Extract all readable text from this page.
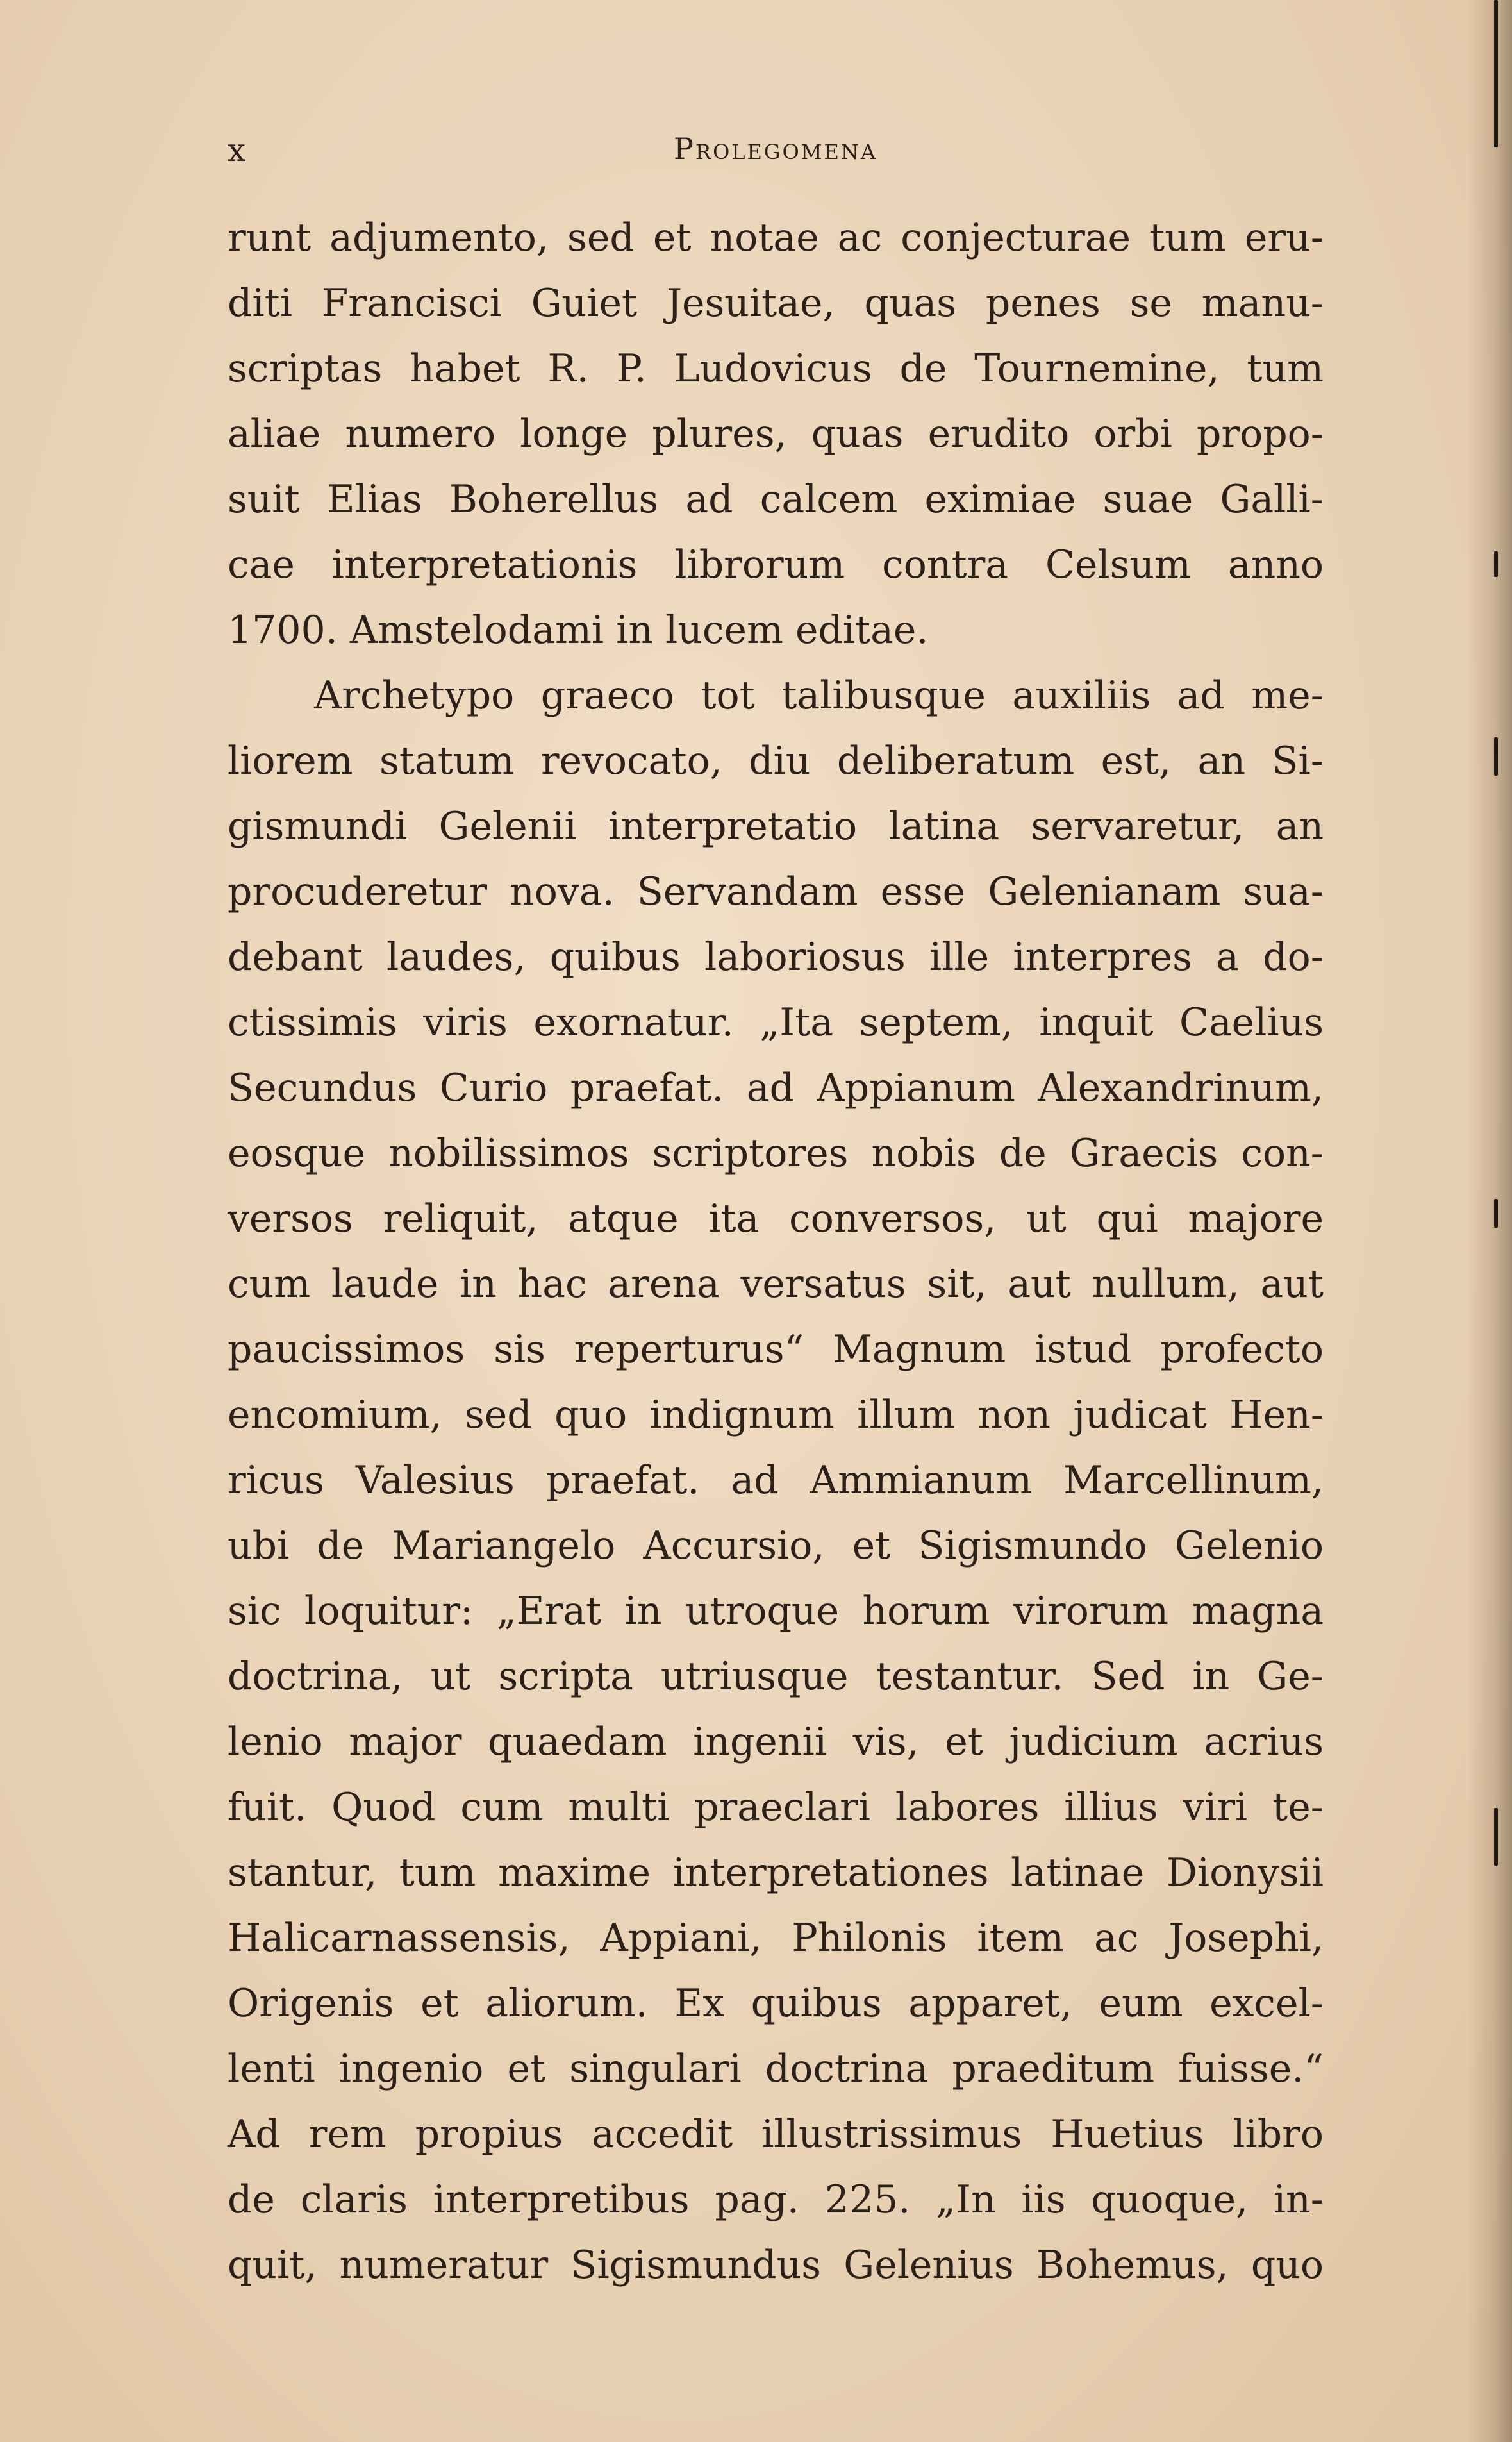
x	Prolegomena
runt adjumento, sed et notae ac conjecturae tum eru-
diti Francisci Guiet Jesuitae, quas penes se manu-
scriptas habet R. P. Ludovicus de Tournemine, tum
aliae numero longe plures, quas erudito orbi propo-
suit Elias Boherellus ad calcem eximiae suae Galli-
cae interpretationis librorum contra Celsum anno
1700. Amstelodami in lucem editae.
Archetypo graeco tot talibusque auxiliis ad me-
liorem statum revocato, diu deliberatum est, an Si-
gismundi Gelenii interpretatio latina servaretur, an
procuderetur nova. Servandam esse Gelenianam sua-
debant laudes, quibus laboriosus ille interpres a do-
ctissimis viris exornatur. „Ita septem, inquit Caelius
Secundus Curio praefat. ad Appianum Alexandrinum,
eosque nobilissimos scriptores nobis de Graecis con-
versos reliquit, atque ita conversos, ut qui majore
cum laude in hac arena versatus sit, aut nullum, aut
paucissimos sis reperturus“ Magnum istud profecto
encomium, sed quo indignum illum non judicat Hen-
ricus Valesius praefat. ad Ammianum Marcellinum,
ubi de Mariangelo Accursio, et Sigismundo Gelenio
sic loquitur: „Erat in utroque horum virorum magna
doctrina, ut scripta utriusque testantur. Sed in Ge-
lenio major quaedam ingenii vis, et judicium acrius
fuit. Quod cum multi praeclari labores illius viri te-
stantur, tum maxime interpretationes latinae Dionysii
Halicarnassensis, Appiani, Philonis item ac Josephi,
Origenis et aliorum. Ex quibus apparet, eum excel-
lenti ingenio et singulari doctrina praeditum fuisse.“
Ad rem propius accedit illustrissimus Huetius libro
de claris interpretibus pag. 225. „In iis quoque, in-
quit, numeratur Sigismundus Gelenius Bohemus, quo
